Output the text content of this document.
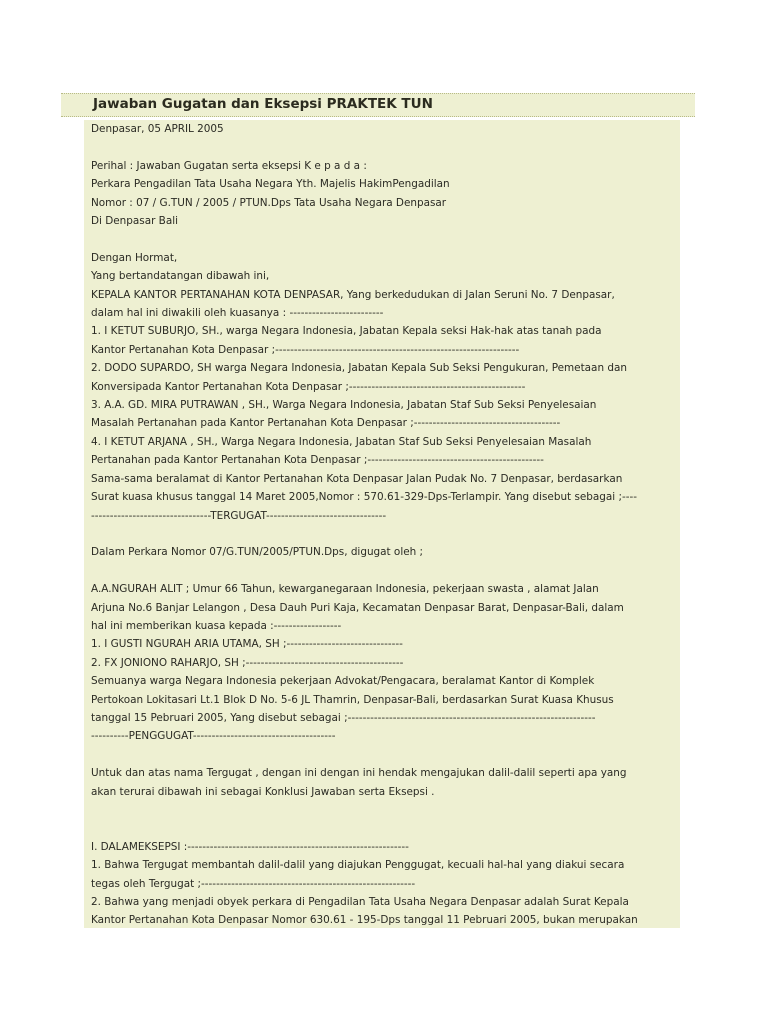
Jawaban Gugatan dan Eksepsi PRAKTEK TUN
Denpasar, 05 APRIL 2005
Perihal : Jawaban Gugatan serta eksepsi K e p a d a :
Perkara Pengadilan Tata Usaha Negara Yth. Majelis HakimPengadilan
Nomor : 07 / G.TUN / 2005 / PTUN.Dps Tata Usaha Negara Denpasar
Di Denpasar Bali
Dengan Hormat,
Yang bertandatangan dibawah ini,
KEPALA KANTOR PERTANAHAN KOTA DENPASAR, Yang berkedudukan di Jalan Seruni No. 7 Denpasar,
dalam hal ini diwakili oleh kuasanya : -------------------------
1. I KETUT SUBURJO, SH., warga Negara Indonesia, Jabatan Kepala seksi Hak-hak atas tanah pada
Kantor Pertanahan Kota Denpasar ;-----------------------------------------------------------------
2. DODO SUPARDO, SH warga Negara Indonesia, Jabatan Kepala Sub Seksi Pengukuran, Pemetaan dan
Konversipada Kantor Pertanahan Kota Denpasar ;-----------------------------------------------
3. A.A. GD. MIRA PUTRAWAN , SH., Warga Negara Indonesia, Jabatan Staf Sub Seksi Penyelesaian
Masalah Pertanahan pada Kantor Pertanahan Kota Denpasar ;---------------------------------------
4. I KETUT ARJANA , SH., Warga Negara Indonesia, Jabatan Staf Sub Seksi Penyelesaian Masalah
Pertanahan pada Kantor Pertanahan Kota Denpasar ;-----------------------------------------------
Sama-sama beralamat di Kantor Pertanahan Kota Denpasar Jalan Pudak No. 7 Denpasar, berdasarkan
Surat kuasa khusus tanggal 14 Maret 2005,Nomor : 570.61-329-Dps-Terlampir. Yang disebut sebagai ;----
--------------------------------TERGUGAT--------------------------------
Dalam Perkara Nomor 07/G.TUN/2005/PTUN.Dps, digugat oleh ;
A.A.NGURAH ALIT ; Umur 66 Tahun, kewarganegaraan Indonesia, pekerjaan swasta , alamat Jalan
Arjuna No.6 Banjar Lelangon , Desa Dauh Puri Kaja, Kecamatan Denpasar Barat, Denpasar-Bali, dalam
hal ini memberikan kuasa kepada :------------------
1. I GUSTI NGURAH ARIA UTAMA, SH ;-------------------------------
2. FX JONIONO RAHARJO, SH ;------------------------------------------
Semuanya warga Negara Indonesia pekerjaan Advokat/Pengacara, beralamat Kantor di Komplek
Pertokoan Lokitasari Lt.1 Blok D No. 5-6 JL Thamrin, Denpasar-Bali, berdasarkan Surat Kuasa Khusus
tanggal 15 Pebruari 2005, Yang disebut sebagai ;------------------------------------------------------------------
----------PENGGUGAT--------------------------------------
Untuk dan atas nama Tergugat , dengan ini dengan ini hendak mengajukan dalil-dalil seperti apa yang
akan terurai dibawah ini sebagai Konklusi Jawaban serta Eksepsi .
I. DALAMEKSEPSI :-----------------------------------------------------------
1. Bahwa Tergugat membantah dalil-dalil yang diajukan Penggugat, kecuali hal-hal yang diakui secara
tegas oleh Tergugat ;---------------------------------------------------------
2. Bahwa yang menjadi obyek perkara di Pengadilan Tata Usaha Negara Denpasar adalah Surat Kepala
Kantor Pertanahan Kota Denpasar Nomor 630.61 - 195-Dps tanggal 11 Pebruari 2005, bukan merupakan
